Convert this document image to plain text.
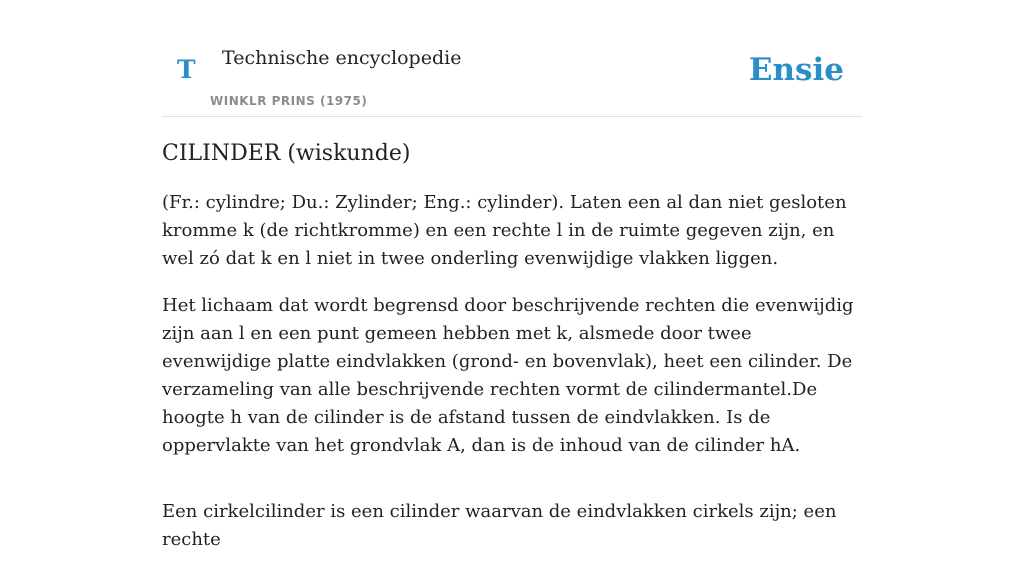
T Technische encyclopedie
WINKLR PRINS (1975)
Ensie
CILINDER (wiskunde)

(Fr.: cylindre; Du.: Zylinder; Eng.: cylinder). Laten een al dan niet gesloten kromme k (de richtkromme) en een rechte l in de ruimte gegeven zijn, en wel zó dat k en l niet in twee onderling evenwijdige vlakken liggen.

Het lichaam dat wordt begrensd door beschrijvende rechten die evenwijdig zijn aan l en een punt gemeen hebben met k, alsmede door twee evenwijdige platte eindvlakken (grond- en bovenvlak), heet een cilinder. De verzameling van alle beschrijvende rechten vormt de cilindermantel.De hoogte h van de cilinder is de afstand tussen de eindvlakken. Is de oppervlakte van het grondvlak A, dan is de inhoud van de cilinder hA.

Een cirkelcilinder is een cilinder waarvan de eindvlakken cirkels zijn; een rechte
